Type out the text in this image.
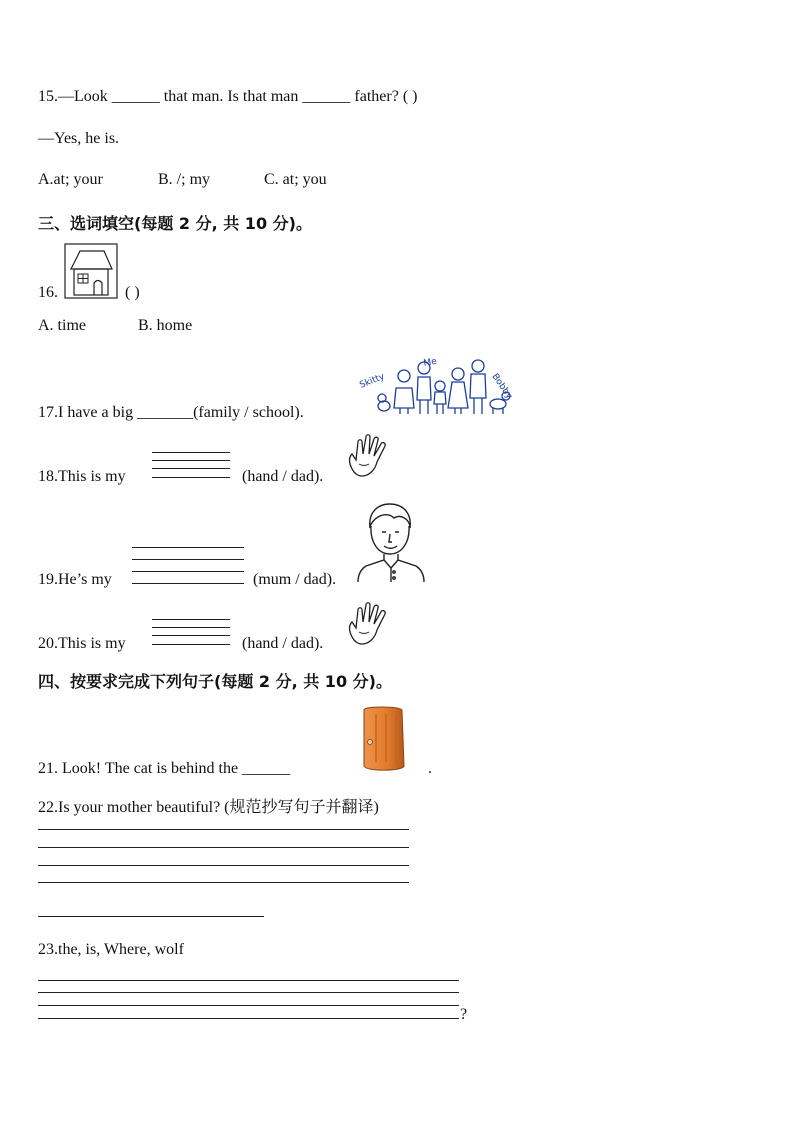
15.—Look ______ that man. Is that man ______ father? ( )
—Yes, he is.
A.at; your	B. /; my	C. at; you
三、选词填空(每题 2 分, 共 10 分)。
16.	( )
A. time	B. home
17.I have a big _______(family / school).
Skitty
Me
Bobby
18.This is my	(hand / dad).
19.He’s my	(mum / dad).
20.This is my	(hand / dad).
四、按要求完成下列句子(每题 2 分, 共 10 分)。
21. Look! The cat is behind the ______	.
22.Is your mother beautiful? (规范抄写句子并翻译)
23.the, is, Where, wolf
?
